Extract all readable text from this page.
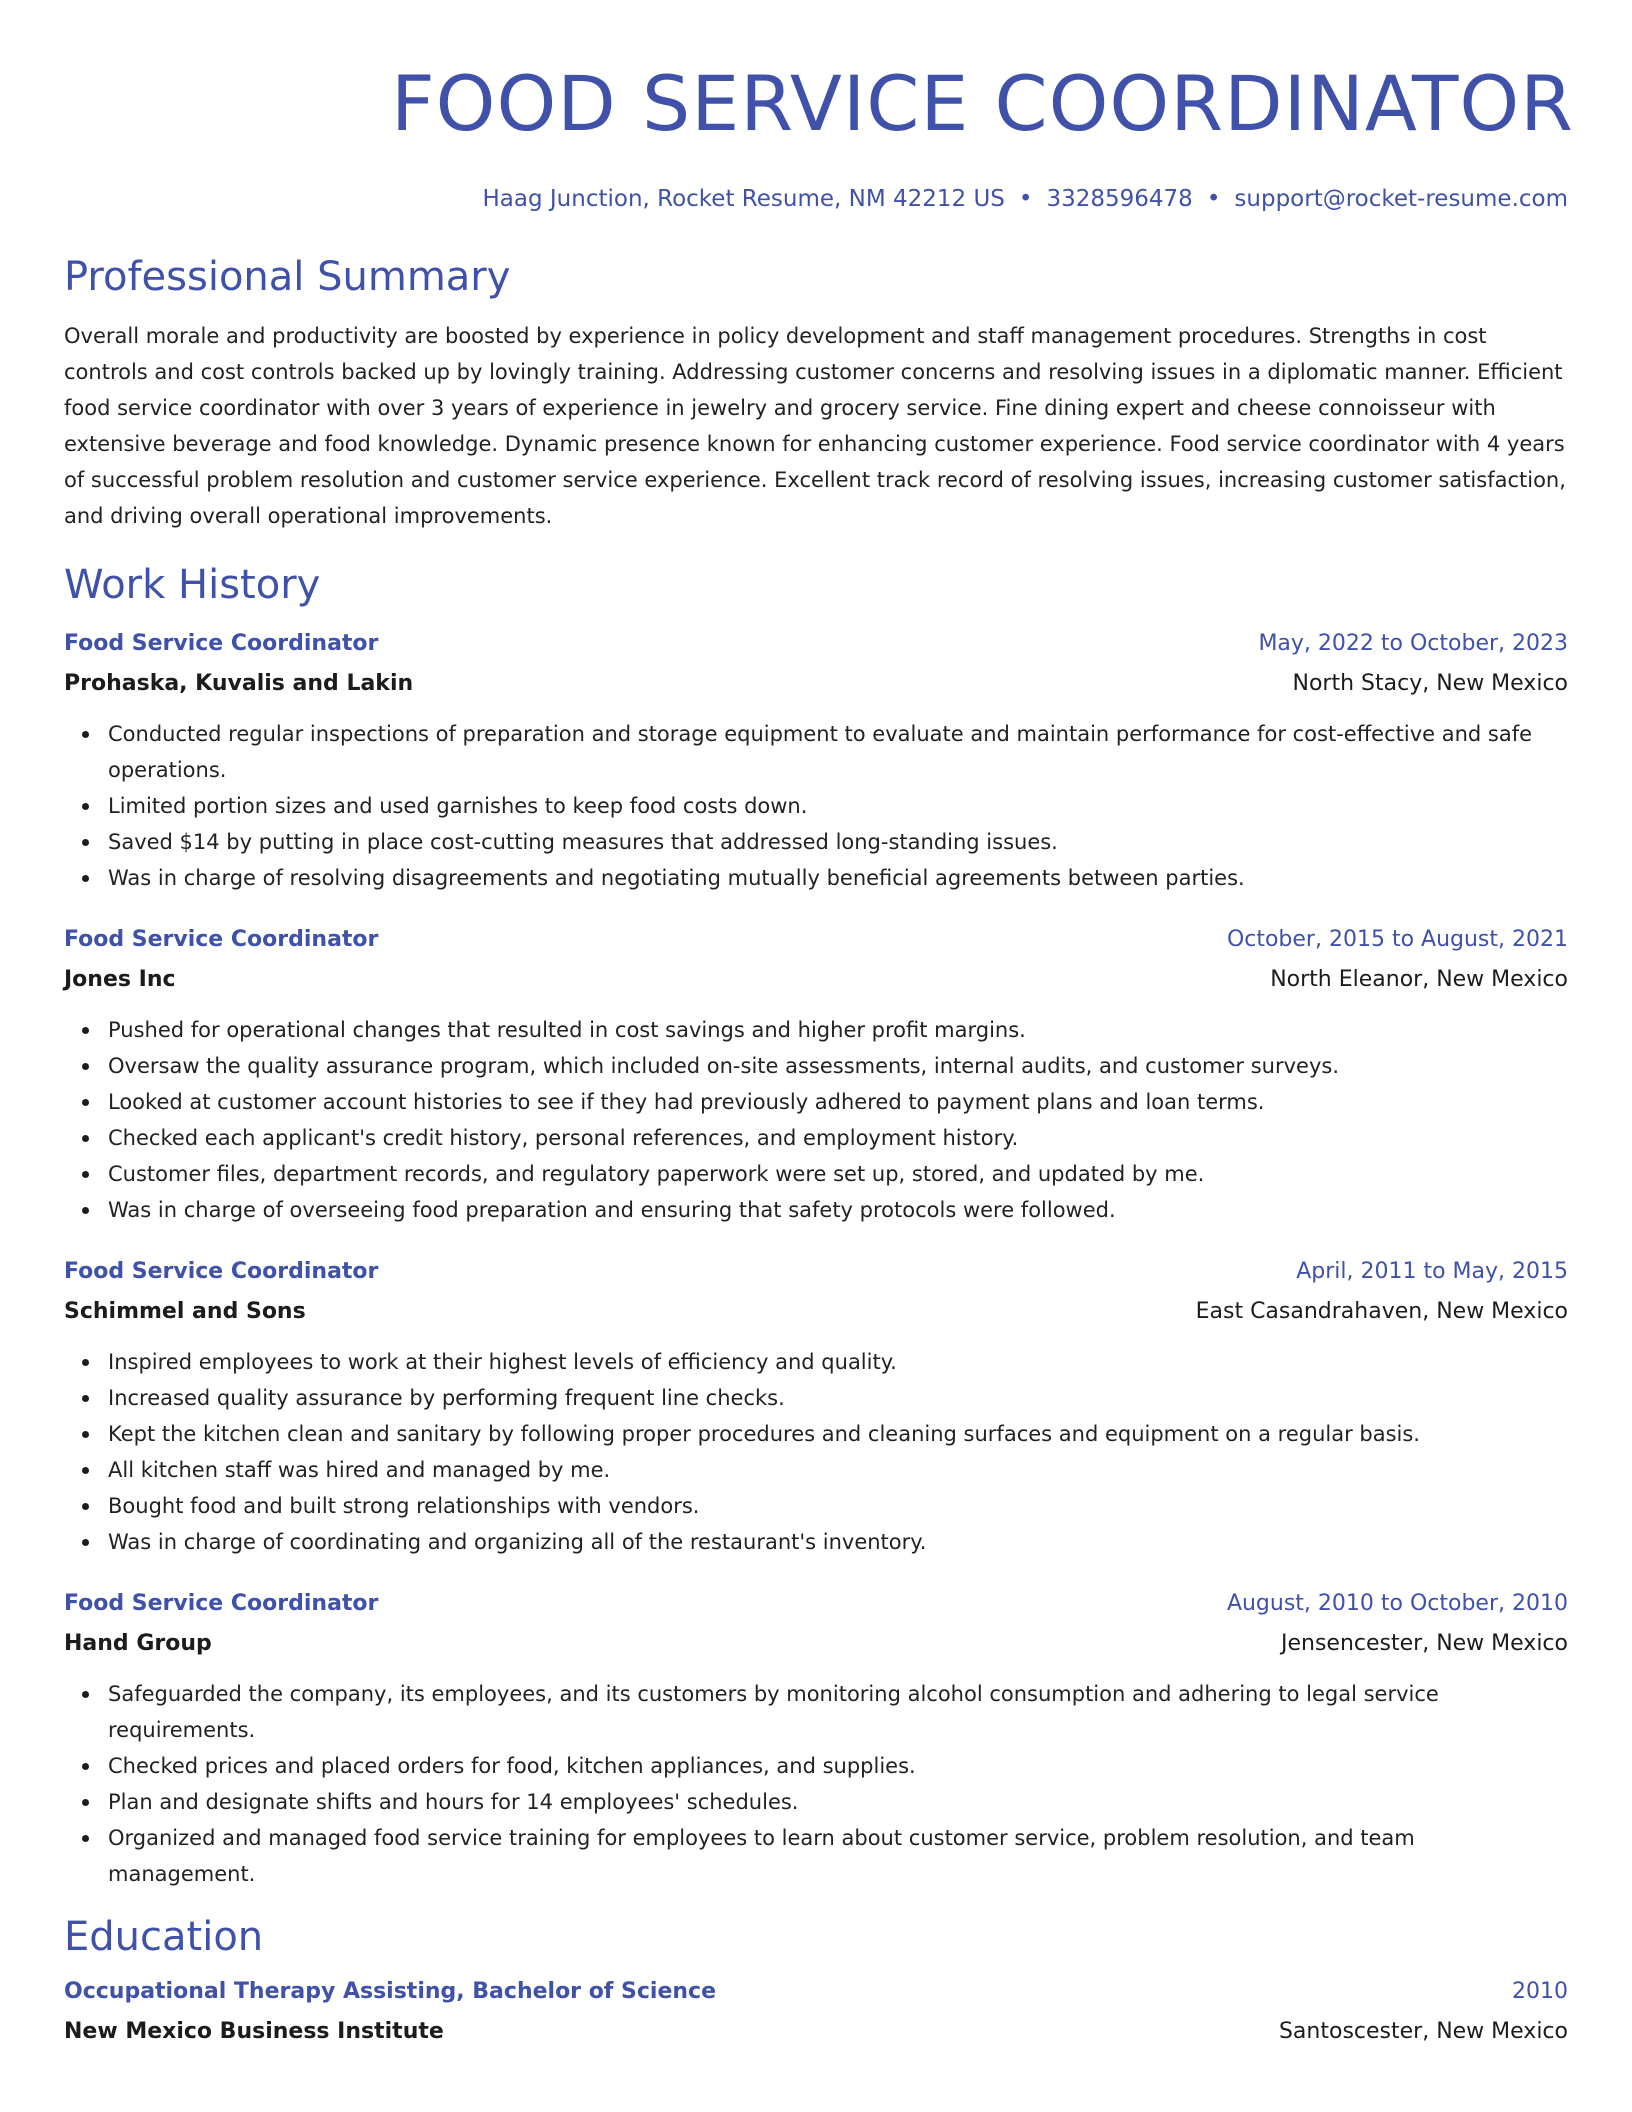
FOOD SERVICE COORDINATOR
Haag Junction, Rocket Resume, NM 42212 US • 3328596478 • support@rocket-resume.com
Professional Summary

Overall morale and productivity are boosted by experience in policy development and staff management procedures. Strengths in cost controls and cost controls backed up by lovingly training. Addressing customer concerns and resolving issues in a diplomatic manner. Efficient food service coordinator with over 3 years of experience in jewelry and grocery service. Fine dining expert and cheese connoisseur with extensive beverage and food knowledge. Dynamic presence known for enhancing customer experience. Food service coordinator with 4 years of successful problem resolution and customer service experience. Excellent track record of resolving issues, increasing customer satisfaction, and driving overall operational improvements.

Work History
Food Service Coordinator	May, 2022 to October, 2023
Prohaska, Kuvalis and Lakin	North Stacy, New Mexico
Conducted regular inspections of preparation and storage equipment to evaluate and maintain performance for cost-effective and safe operations.
Limited portion sizes and used garnishes to keep food costs down.
Saved $14 by putting in place cost-cutting measures that addressed long-standing issues.
Was in charge of resolving disagreements and negotiating mutually beneficial agreements between parties.
Food Service Coordinator	October, 2015 to August, 2021
Jones Inc	North Eleanor, New Mexico
Pushed for operational changes that resulted in cost savings and higher profit margins.
Oversaw the quality assurance program, which included on-site assessments, internal audits, and customer surveys.
Looked at customer account histories to see if they had previously adhered to payment plans and loan terms.
Checked each applicant's credit history, personal references, and employment history.
Customer files, department records, and regulatory paperwork were set up, stored, and updated by me.
Was in charge of overseeing food preparation and ensuring that safety protocols were followed.
Food Service Coordinator	April, 2011 to May, 2015
Schimmel and Sons	East Casandrahaven, New Mexico
Inspired employees to work at their highest levels of efficiency and quality.
Increased quality assurance by performing frequent line checks.
Kept the kitchen clean and sanitary by following proper procedures and cleaning surfaces and equipment on a regular basis.
All kitchen staff was hired and managed by me.
Bought food and built strong relationships with vendors.
Was in charge of coordinating and organizing all of the restaurant's inventory.
Food Service Coordinator	August, 2010 to October, 2010
Hand Group	Jensencester, New Mexico
Safeguarded the company, its employees, and its customers by monitoring alcohol consumption and adhering to legal service requirements.
Checked prices and placed orders for food, kitchen appliances, and supplies.
Plan and designate shifts and hours for 14 employees' schedules.
Organized and managed food service training for employees to learn about customer service, problem resolution, and team management.
Education
Occupational Therapy Assisting, Bachelor of Science	2010
New Mexico Business Institute	Santoscester, New Mexico
